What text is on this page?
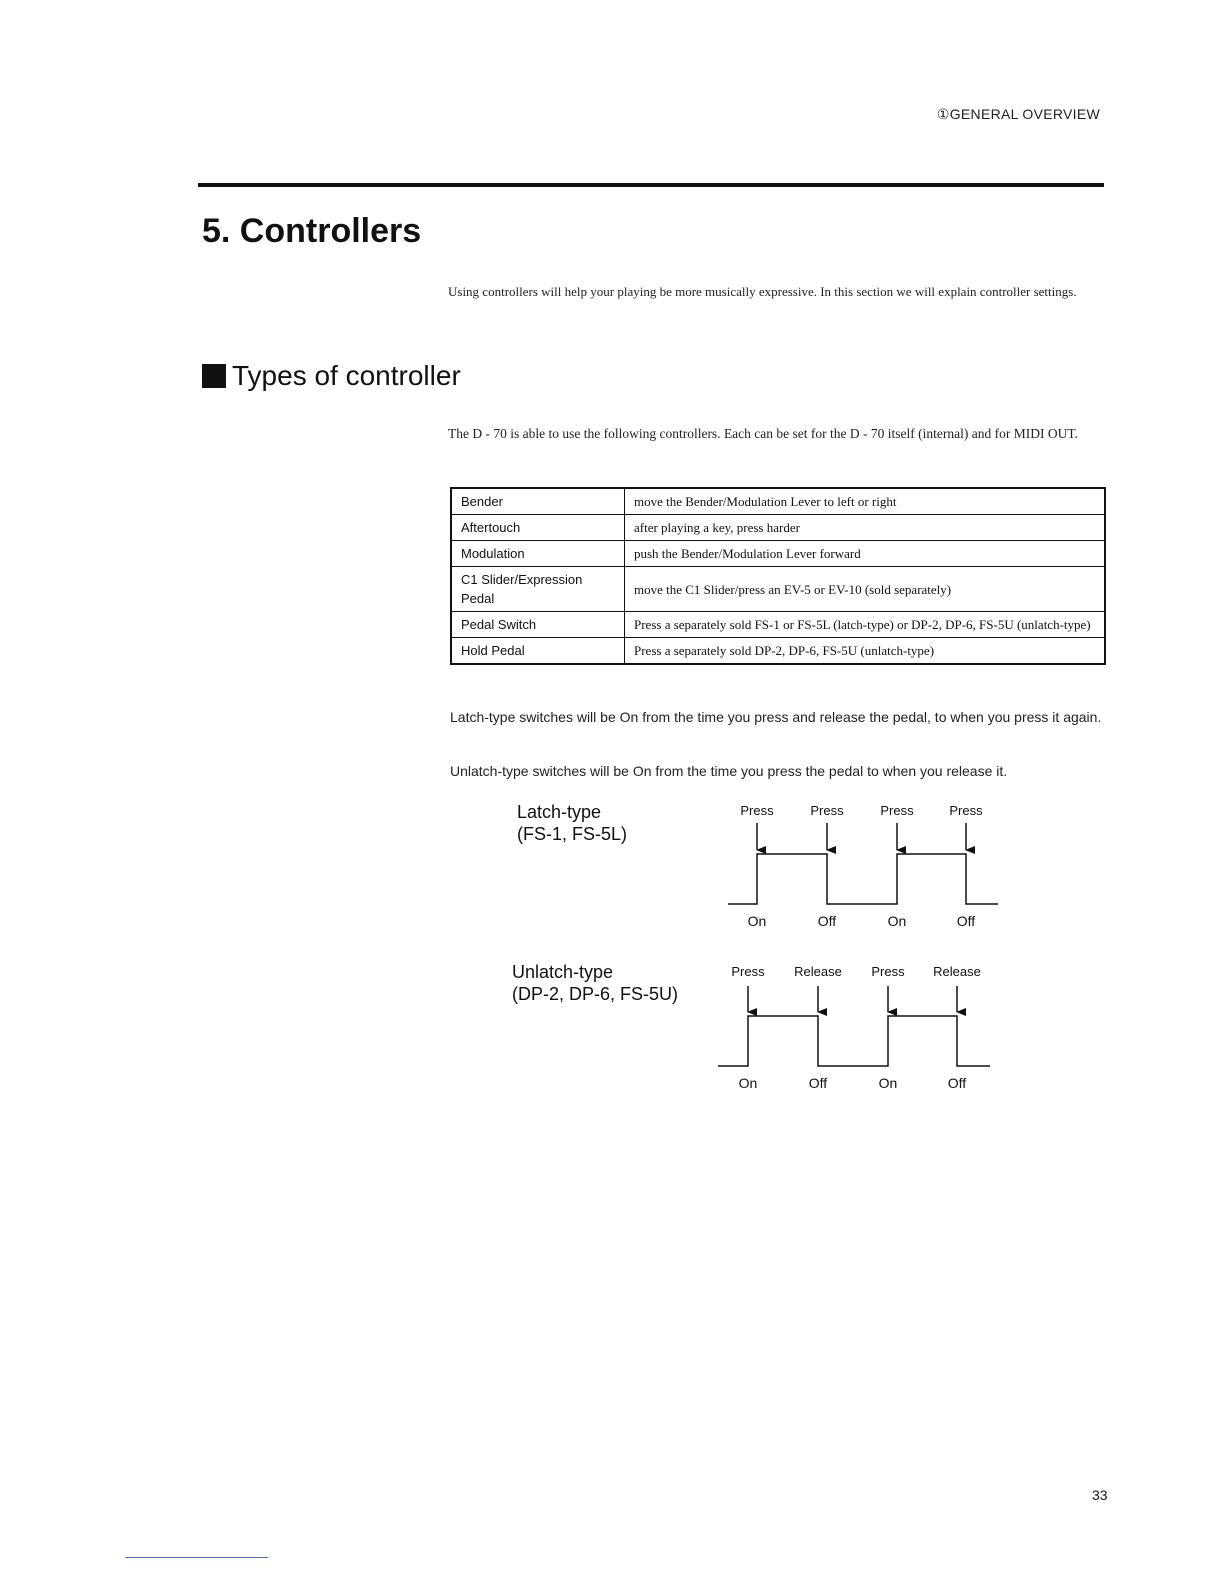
①GENERAL OVERVIEW
5. Controllers
Using controllers will help your playing be more musically expressive. In this section we will explain controller settings.
Types of controller
The D - 70 is able to use the following controllers. Each can be set for the D - 70 itself (internal) and for MIDI OUT.
Bender	move the Bender/Modulation Lever to left or right
Aftertouch	after playing a key, press harder
Modulation	push the Bender/Modulation Lever forward
C1 Slider/Expression Pedal	move the C1 Slider/press an EV-5 or EV-10 (sold separately)
Pedal Switch	Press a separately sold FS-1 or FS-5L (latch-type) or DP-2, DP-6, FS-5U (unlatch-type)
Hold Pedal	Press a separately sold DP-2, DP-6, FS-5U (unlatch-type)
Latch-type switches will be On from the time you press and release the pedal, to when you press it again.
Unlatch-type switches will be On from the time you press the pedal to when you release it.
Latch-type
(FS-1, FS-5L)
Press	Press	Press	Press
On	Off	On	Off
Unlatch-type
(DP-2, DP-6, FS-5U)
Press Release Press Release
On	Off	On	Off
33
